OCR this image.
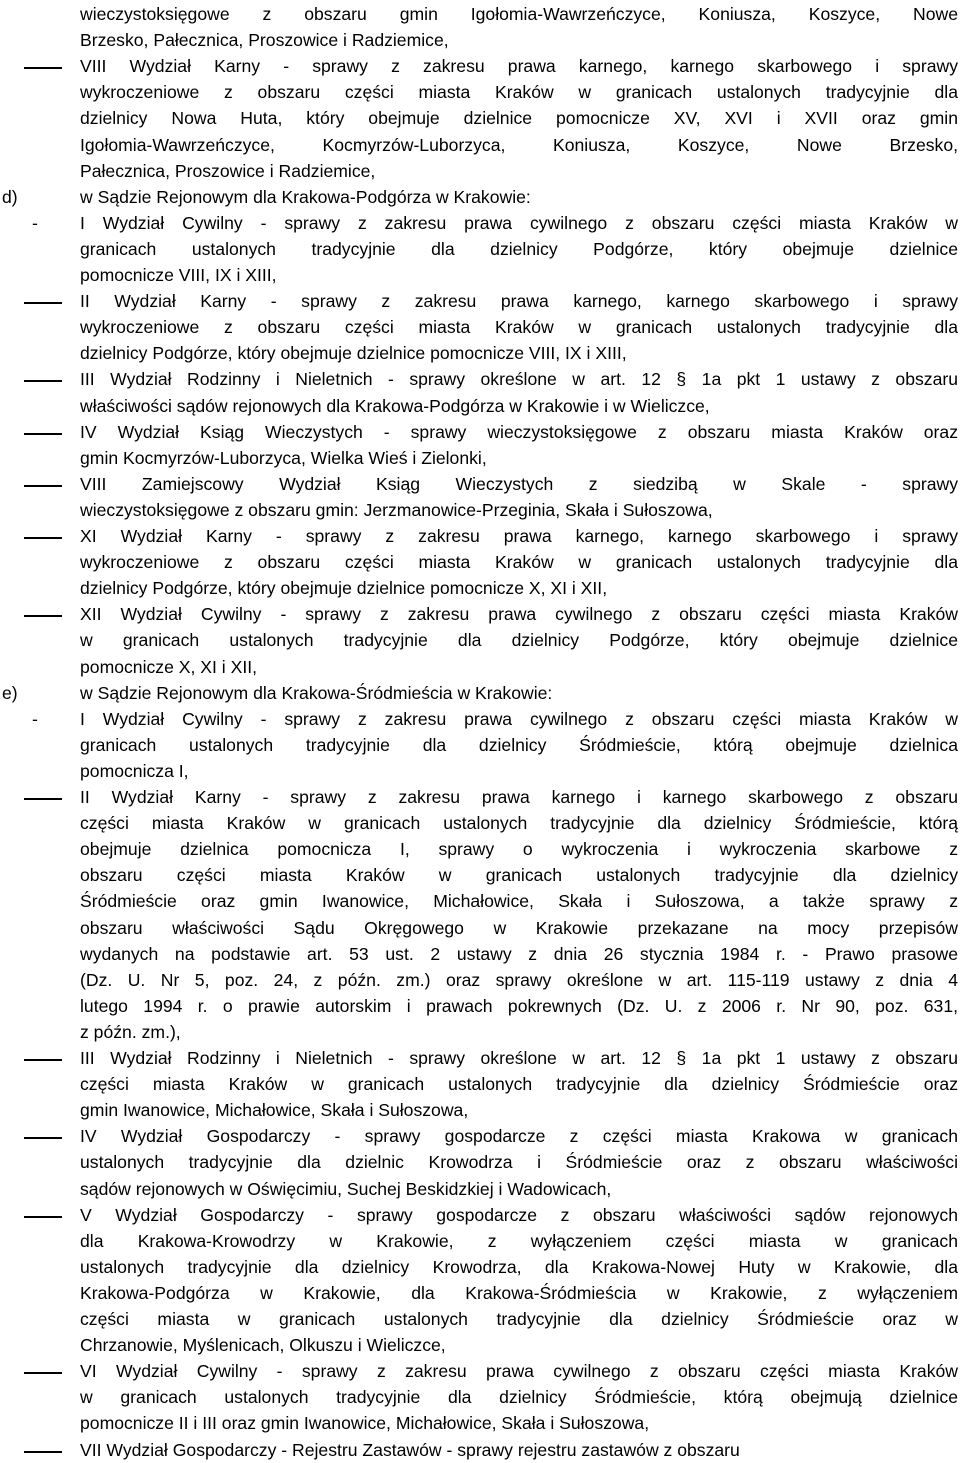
wieczystoksięgowe z obszaru gmin Igołomia-Wawrzeńczyce, Koniusza, Koszyce, Nowe
Brzesko, Pałecznica, Proszowice i Radziemice,
VIII Wydział Karny - sprawy z zakresu prawa karnego, karnego skarbowego i sprawy
wykroczeniowe z obszaru części miasta Kraków w granicach ustalonych tradycyjnie dla
dzielnicy Nowa Huta, który obejmuje dzielnice pomocnicze XV, XVI i XVII oraz gmin
Igołomia-Wawrzeńczyce, Kocmyrzów-Luborzyca, Koniusza, Koszyce, Nowe Brzesko,
Pałecznica, Proszowice i Radziemice,
d)	w Sądzie Rejonowym dla Krakowa-Podgórza w Krakowie:
- I Wydział Cywilny - sprawy z zakresu prawa cywilnego z obszaru części miasta Kraków w
granicach ustalonych tradycyjnie dla dzielnicy Podgórze, który obejmuje dzielnice
pomocnicze VIII, IX i XIII,
II Wydział Karny - sprawy z zakresu prawa karnego, karnego skarbowego i sprawy
wykroczeniowe z obszaru części miasta Kraków w granicach ustalonych tradycyjnie dla
dzielnicy Podgórze, który obejmuje dzielnice pomocnicze VIII, IX i XIII,
III Wydział Rodzinny i Nieletnich - sprawy określone w art. 12 § 1a pkt 1 ustawy z obszaru
właściwości sądów rejonowych dla Krakowa-Podgórza w Krakowie i w Wieliczce,
IV Wydział Ksiąg Wieczystych - sprawy wieczystoksięgowe z obszaru miasta Kraków oraz
gmin Kocmyrzów-Luborzyca, Wielka Wieś i Zielonki,
VIII Zamiejscowy Wydział Ksiąg Wieczystych z siedzibą w Skale - sprawy
wieczystoksięgowe z obszaru gmin: Jerzmanowice-Przeginia, Skała i Sułoszowa,
XI Wydział Karny - sprawy z zakresu prawa karnego, karnego skarbowego i sprawy
wykroczeniowe z obszaru części miasta Kraków w granicach ustalonych tradycyjnie dla
dzielnicy Podgórze, który obejmuje dzielnice pomocnicze X, XI i XII,
XII Wydział Cywilny - sprawy z zakresu prawa cywilnego z obszaru części miasta Kraków
w granicach ustalonych tradycyjnie dla dzielnicy Podgórze, który obejmuje dzielnice
pomocnicze X, XI i XII,
e)	w Sądzie Rejonowym dla Krakowa-Śródmieścia w Krakowie:
- I Wydział Cywilny - sprawy z zakresu prawa cywilnego z obszaru części miasta Kraków w
granicach ustalonych tradycyjnie dla dzielnicy Śródmieście, którą obejmuje dzielnica
pomocnicza I,
II Wydział Karny - sprawy z zakresu prawa karnego i karnego skarbowego z obszaru
części miasta Kraków w granicach ustalonych tradycyjnie dla dzielnicy Śródmieście, którą
obejmuje dzielnica pomocnicza I, sprawy o wykroczenia i wykroczenia skarbowe z
obszaru części miasta Kraków w granicach ustalonych tradycyjnie dla dzielnicy
Śródmieście oraz gmin Iwanowice, Michałowice, Skała i Sułoszowa, a także sprawy z
obszaru właściwości Sądu Okręgowego w Krakowie przekazane na mocy przepisów
wydanych na podstawie art. 53 ust. 2 ustawy z dnia 26 stycznia 1984 r. - Prawo prasowe
(Dz. U. Nr 5, poz. 24, z późn. zm.) oraz sprawy określone w art. 115-119 ustawy z dnia 4
lutego 1994 r. o prawie autorskim i prawach pokrewnych (Dz. U. z 2006 r. Nr 90, poz. 631,
z późn. zm.),
III Wydział Rodzinny i Nieletnich - sprawy określone w art. 12 § 1a pkt 1 ustawy z obszaru
części miasta Kraków w granicach ustalonych tradycyjnie dla dzielnicy Śródmieście oraz
gmin Iwanowice, Michałowice, Skała i Sułoszowa,
IV Wydział Gospodarczy - sprawy gospodarcze z części miasta Krakowa w granicach
ustalonych tradycyjnie dla dzielnic Krowodrza i Śródmieście oraz z obszaru właściwości
sądów rejonowych w Oświęcimiu, Suchej Beskidzkiej i Wadowicach,
V Wydział Gospodarczy - sprawy gospodarcze z obszaru właściwości sądów rejonowych
dla Krakowa-Krowodrzy w Krakowie, z wyłączeniem części miasta w granicach
ustalonych tradycyjnie dla dzielnicy Krowodrza, dla Krakowa-Nowej Huty w Krakowie, dla
Krakowa-Podgórza w Krakowie, dla Krakowa-Śródmieścia w Krakowie, z wyłączeniem
części miasta w granicach ustalonych tradycyjnie dla dzielnicy Śródmieście oraz w
Chrzanowie, Myślenicach, Olkuszu i Wieliczce,
VI Wydział Cywilny - sprawy z zakresu prawa cywilnego z obszaru części miasta Kraków
w granicach ustalonych tradycyjnie dla dzielnicy Śródmieście, którą obejmują dzielnice
pomocnicze II i III oraz gmin Iwanowice, Michałowice, Skała i Sułoszowa,
VII Wydział Gospodarczy - Rejestru Zastawów - sprawy rejestru zastawów z obszaru
